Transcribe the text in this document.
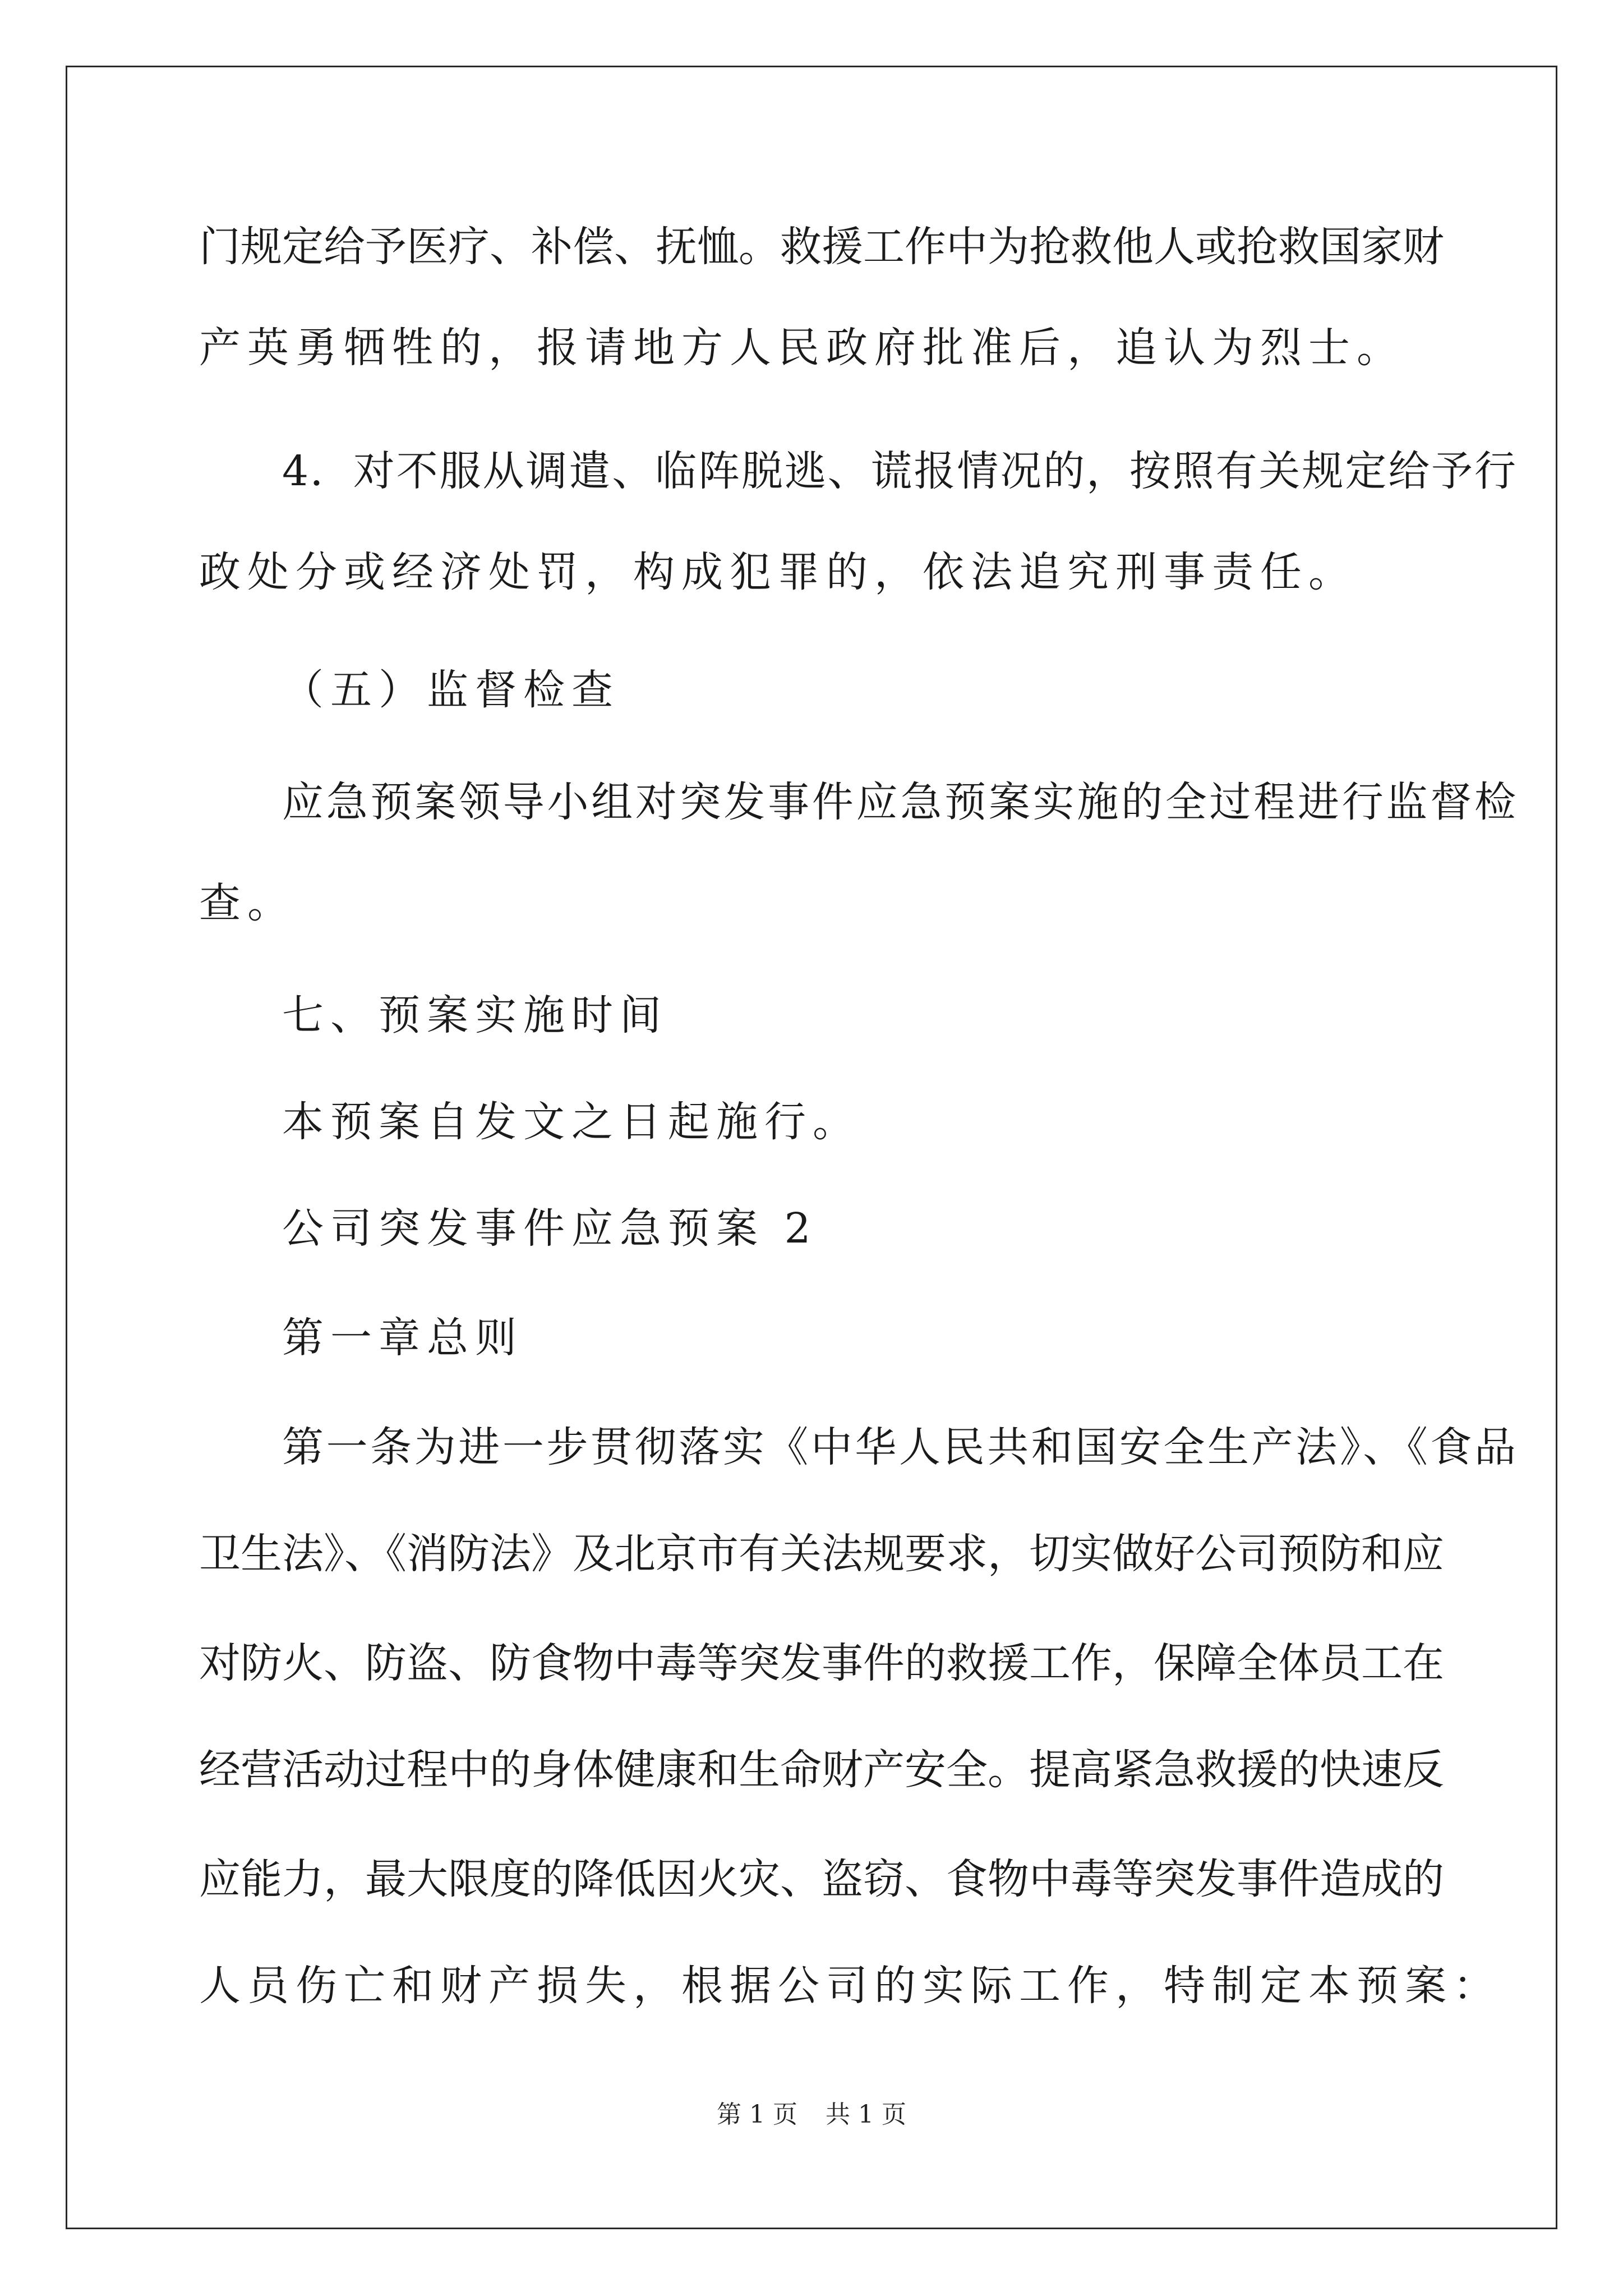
门规定给予医疗、补偿、抚恤。救援工作中为抢救他人或抢救国家财
产英勇牺牲的，报请地方人民政府批准后，追认为烈士。
4．对不服从调遣、临阵脱逃、谎报情况的，按照有关规定给予行
政处分或经济处罚，构成犯罪的，依法追究刑事责任。
（五）监督检查
应急预案领导小组对突发事件应急预案实施的全过程进行监督检
查。
七、预案实施时间
本预案自发文之日起施行。
公司突发事件应急预案 2
第一章总则
第一条为进一步贯彻落实《中华人民共和国安全生产法》、《食品
卫生法》、《消防法》及北京市有关法规要求，切实做好公司预防和应
对防火、防盗、防食物中毒等突发事件的救援工作，保障全体员工在
经营活动过程中的身体健康和生命财产安全。提高紧急救援的快速反
应能力，最大限度的降低因火灾、盗窃、食物中毒等突发事件造成的
人员伤亡和财产损失，根据公司的实际工作，特制定本预案：
第 1 页 共 1 页
